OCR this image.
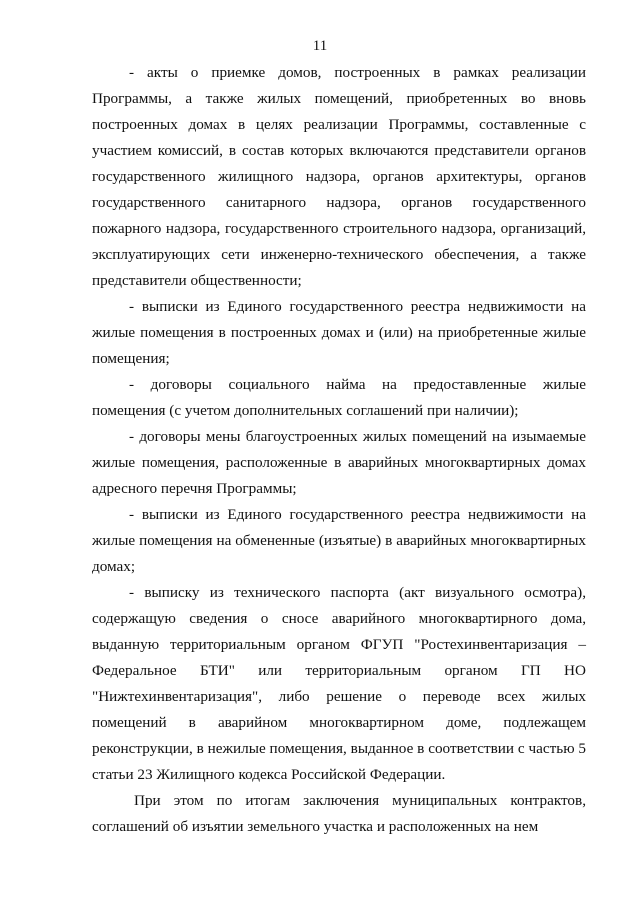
11

- акты о приемке домов, построенных в рамках реализации Программы, а также жилых помещений, приобретенных во вновь построенных домах в целях реализации Программы, составленные с участием комиссий, в состав которых включаются представители органов государственного жилищного надзора, органов архитектуры, органов государственного санитарного надзора, органов государственного пожарного надзора, государственного строительного надзора, организаций, эксплуатирующих сети инженерно-технического обеспечения, а также представители общественности;

- выписки из Единого государственного реестра недвижимости на жилые помещения в построенных домах и (или) на приобретенные жилые помещения;

- договоры социального найма на предоставленные жилые помещения (с учетом дополнительных соглашений при наличии);

- договоры мены благоустроенных жилых помещений на изымаемые жилые помещения, расположенные в аварийных многоквартирных домах адресного перечня Программы;

- выписки из Единого государственного реестра недвижимости на жилые помещения на обмененные (изъятые) в аварийных многоквартирных домах;

- выписку из технического паспорта (акт визуального осмотра), содержащую сведения о сносе аварийного многоквартирного дома, выданную территориальным органом ФГУП "Ростехинвентаризация – Федеральное БТИ" или территориальным органом ГП НО "Нижтехинвентаризация", либо решение о переводе всех жилых помещений в аварийном многоквартирном доме, подлежащем реконструкции, в нежилые помещения, выданное в соответствии с частью 5 статьи 23 Жилищного кодекса Российской Федерации.

При этом по итогам заключения муниципальных контрактов, соглашений об изъятии земельного участка и расположенных на нем
